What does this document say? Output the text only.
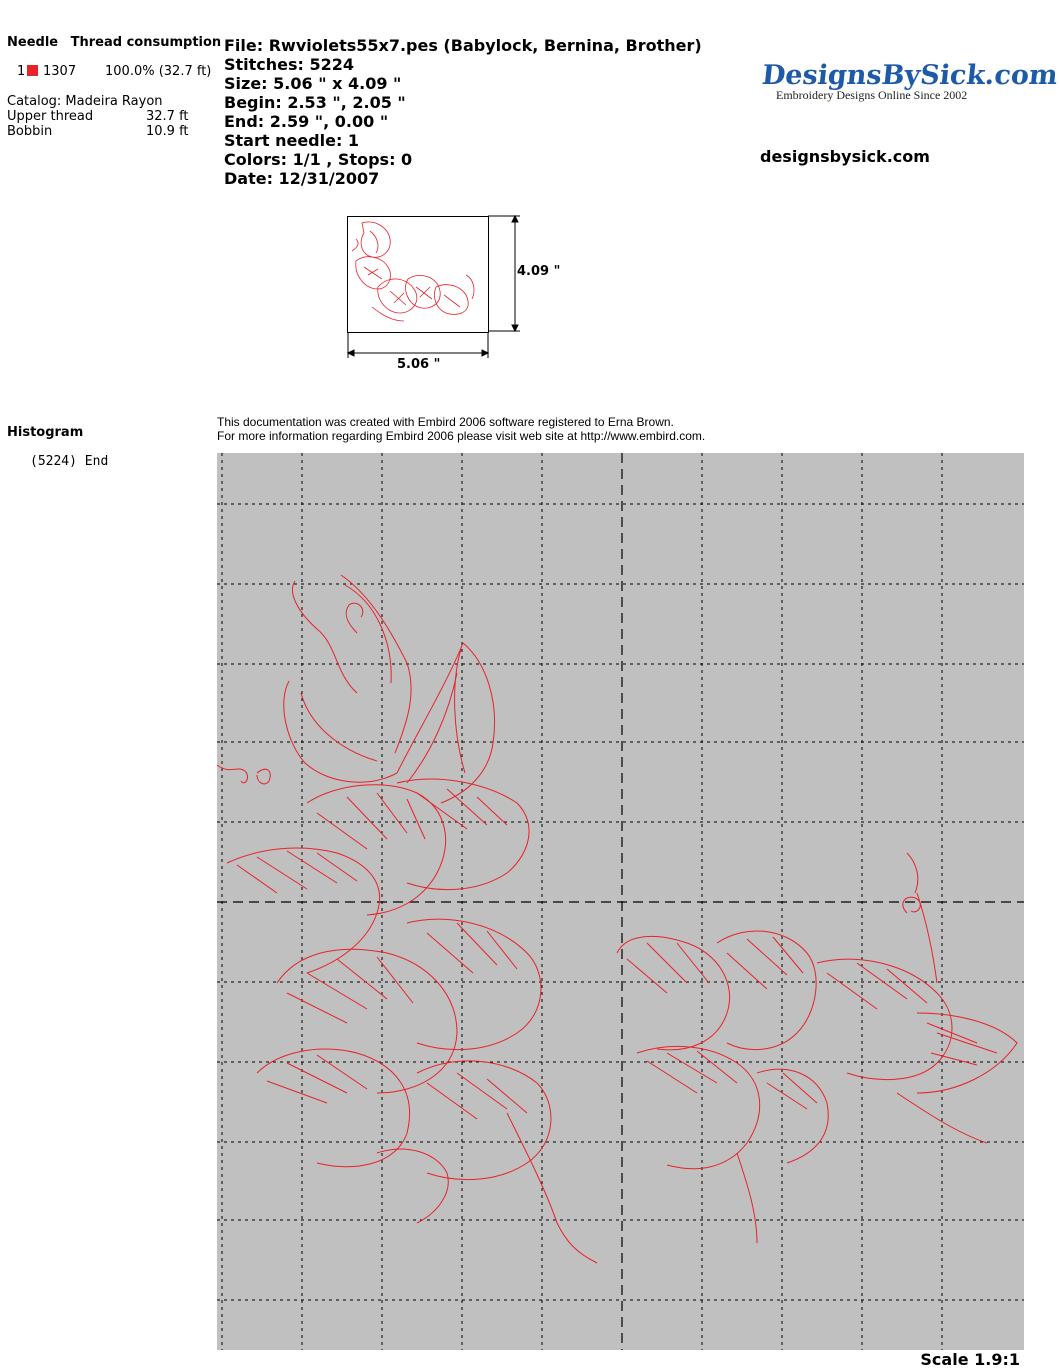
Needle Thread consumption
1 1307 100.0% (32.7 ft)
Catalog: Madeira Rayon
Upper thread	32.7 ft
Bobbin	10.9 ft
File: Rwviolets55x7.pes (Babylock, Bernina, Brother)
Stitches: 5224
Size: 5.06 " x 4.09 "
Begin: 2.53 ", 2.05 "
End: 2.59 ", 0.00 "
Start needle: 1
Colors: 1/1 , Stops: 0
Date: 12/31/2007
DesignsBySick.com
Embroidery Designs Online Since 2002
designsbysick.com
5.06 "
4.09 "
Histogram
(5224) End
This documentation was created with Embird 2006 software registered to Erna Brown.
For more information regarding Embird 2006 please visit web site at http://www.embird.com.
Scale 1.9:1
